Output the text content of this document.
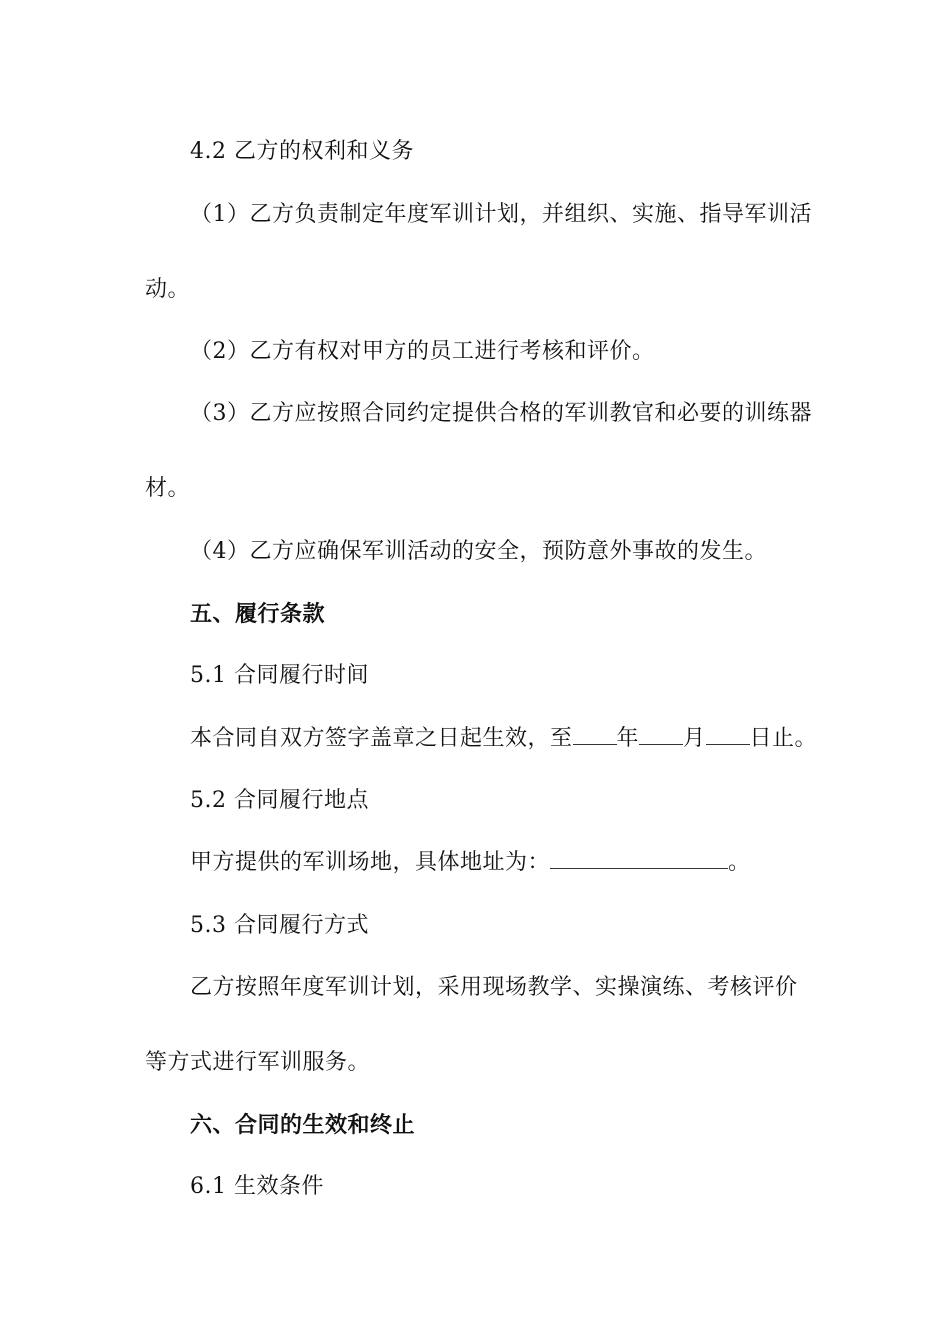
4.2 乙方的权利和义务
（1）乙方负责制定年度军训计划，并组织、实施、指导军训活
动。
（2）乙方有权对甲方的员工进行考核和评价。
（3）乙方应按照合同约定提供合格的军训教官和必要的训练器
材。
（4）乙方应确保军训活动的安全，预防意外事故的发生。
五、履行条款
5.1 合同履行时间
本合同自双方签字盖章之日起生效，至 年 月 日止。
5.2 合同履行地点
甲方提供的军训场地，具体地址为：	。
5.3 合同履行方式
乙方按照年度军训计划，采用现场教学、实操演练、考核评价
等方式进行军训服务。
六、合同的生效和终止
6.1 生效条件
